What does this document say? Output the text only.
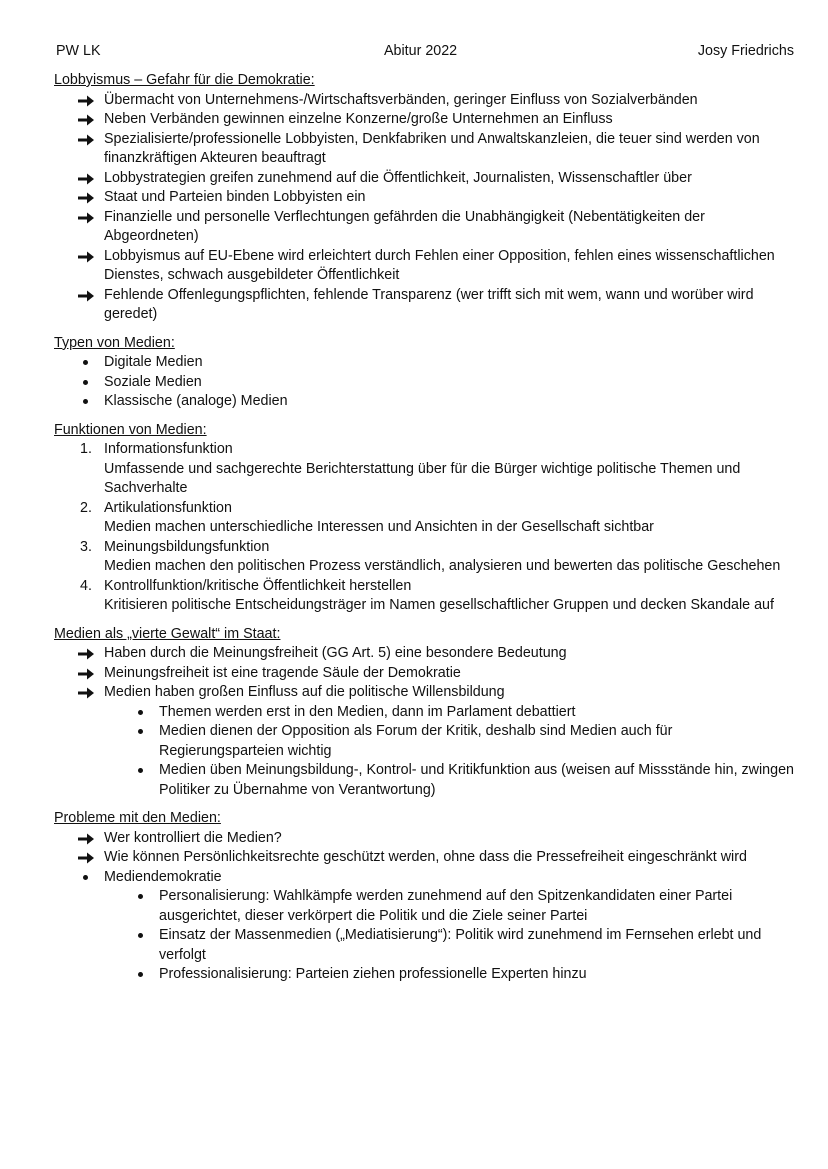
PW LK	Abitur 2022	Josy Friedrichs
Lobbyismus – Gefahr für die Demokratie:
Übermacht von Unternehmens-/Wirtschaftsverbänden, geringer Einfluss von Sozialverbänden
Neben Verbänden gewinnen einzelne Konzerne/große Unternehmen an Einfluss
Spezialisierte/professionelle Lobbyisten, Denkfabriken und Anwaltskanzleien, die teuer sind werden von finanzkräftigen Akteuren beauftragt
Lobbystrategien greifen zunehmend auf die Öffentlichkeit, Journalisten, Wissenschaftler über
Staat und Parteien binden Lobbyisten ein
Finanzielle und personelle Verflechtungen gefährden die Unabhängigkeit (Nebentätigkeiten der Abgeordneten)
Lobbyismus auf EU-Ebene wird erleichtert durch Fehlen einer Opposition, fehlen eines wissenschaftlichen Dienstes, schwach ausgebildeter Öffentlichkeit
Fehlende Offenlegungspflichten, fehlende Transparenz (wer trifft sich mit wem, wann und worüber wird geredet)
Typen von Medien:
Digitale Medien
Soziale Medien
Klassische (analoge) Medien
Funktionen von Medien:
1. Informationsfunktion
Umfassende und sachgerechte Berichterstattung über für die Bürger wichtige politische Themen und Sachverhalte
2. Artikulationsfunktion
Medien machen unterschiedliche Interessen und Ansichten in der Gesellschaft sichtbar
3. Meinungsbildungsfunktion
Medien machen den politischen Prozess verständlich, analysieren und bewerten das politische Geschehen
4. Kontrollfunktion/kritische Öffentlichkeit herstellen
Kritisieren politische Entscheidungsträger im Namen gesellschaftlicher Gruppen und decken Skandale auf
Medien als „vierte Gewalt“ im Staat:
Haben durch die Meinungsfreiheit (GG Art. 5) eine besondere Bedeutung
Meinungsfreiheit ist eine tragende Säule der Demokratie
Medien haben großen Einfluss auf die politische Willensbildung
Themen werden erst in den Medien, dann im Parlament debattiert
Medien dienen der Opposition als Forum der Kritik, deshalb sind Medien auch für Regierungsparteien wichtig
Medien üben Meinungsbildung-, Kontrol- und Kritikfunktion aus (weisen auf Missstände hin, zwingen Politiker zu Übernahme von Verantwortung)
Probleme mit den Medien:
Wer kontrolliert die Medien?
Wie können Persönlichkeitsrechte geschützt werden, ohne dass die Pressefreiheit eingeschränkt wird
Mediendemokratie
Personalisierung: Wahlkämpfe werden zunehmend auf den Spitzenkandidaten einer Partei ausgerichtet, dieser verkörpert die Politik und die Ziele seiner Partei
Einsatz der Massenmedien („Mediatisierung“): Politik wird zunehmend im Fernsehen erlebt und verfolgt
Professionalisierung: Parteien ziehen professionelle Experten hinzu
